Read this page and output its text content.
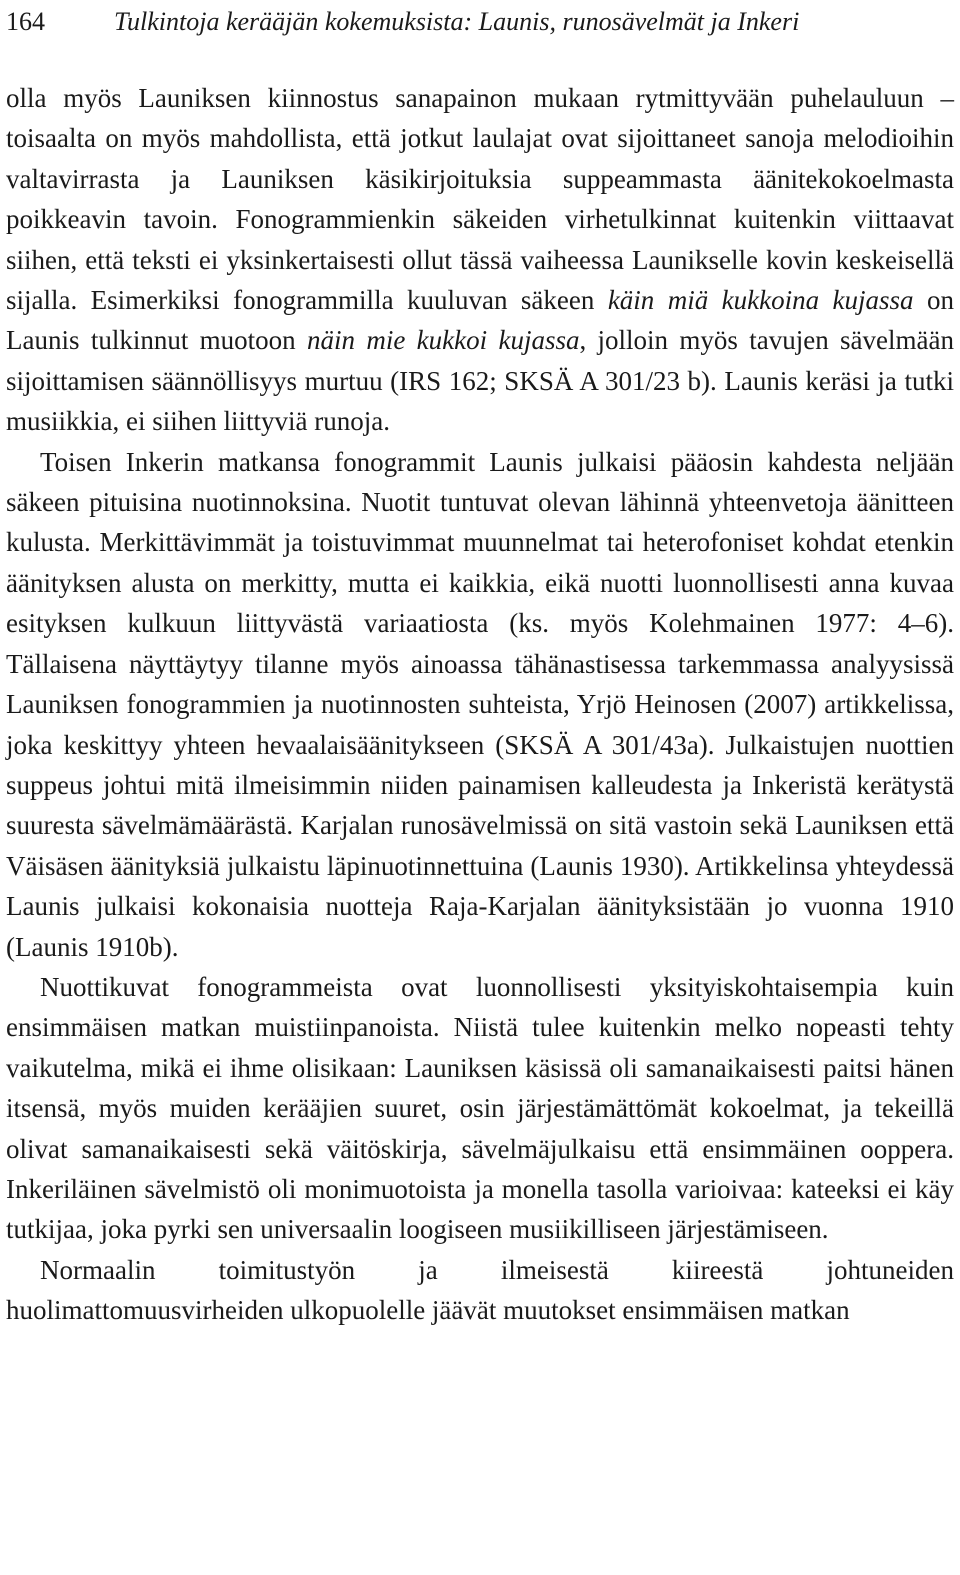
164	Tulkintoja kerääjän kokemuksista: Launis, runosävelmät ja Inkeri

olla myös Launiksen kiinnostus sanapainon mukaan rytmittyvään puhelauluun – toisaalta on myös mahdollista, että jotkut laulajat ovat sijoittaneet sanoja melodioihin valtavirrasta ja Launiksen käsikirjoituksia suppeammasta äänitekokoelmasta poikkeavin tavoin. Fonogrammienkin säkeiden virhetulkinnat kuitenkin viittaavat siihen, että teksti ei yksinkertaisesti ollut tässä vaiheessa Launikselle kovin keskeisellä sijalla. Esimerkiksi fonogrammilla kuuluvan säkeen käin miä kukkoina kujassa on Launis tulkinnut muotoon näin mie kukkoi kujassa, jolloin myös tavujen sävelmään sijoittamisen säännöllisyys murtuu (IRS 162; SKSÄ A 301/23 b). Launis keräsi ja tutki musiikkia, ei siihen liittyviä runoja.

Toisen Inkerin matkansa fonogrammit Launis julkaisi pääosin kahdesta neljään säkeen pituisina nuotinnoksina. Nuotit tuntuvat olevan lähinnä yhteenvetoja äänitteen kulusta. Merkittävimmät ja toistuvimmat muunnelmat tai heterofoniset kohdat etenkin äänityksen alusta on merkitty, mutta ei kaikkia, eikä nuotti luonnollisesti anna kuvaa esityksen kulkuun liittyvästä variaatiosta (ks. myös Kolehmainen 1977: 4–6). Tällaisena näyttäytyy tilanne myös ainoassa tähänastisessa tarkemmassa analyysissä Launiksen fonogrammien ja nuotinnosten suhteista, Yrjö Heinosen (2007) artikkelissa, joka keskittyy yhteen hevaalaisäänitykseen (SKSÄ A 301/43a). Julkaistujen nuottien suppeus johtui mitä ilmeisimmin niiden painamisen kalleudesta ja Inkeristä kerätystä suuresta sävelmämäärästä. Karjalan runosävelmissä on sitä vastoin sekä Launiksen että Väisäsen äänityksiä julkaistu läpinuotinnettuina (Launis 1930). Artikkelinsa yhteydessä Launis julkaisi kokonaisia nuotteja Raja-Karjalan äänityksistään jo vuonna 1910 (Launis 1910b).

Nuottikuvat fonogrammeista ovat luonnollisesti yksityiskohtaisempia kuin ensimmäisen matkan muistiinpanoista. Niistä tulee kuitenkin melko nopeasti tehty vaikutelma, mikä ei ihme olisikaan: Launiksen käsissä oli samanaikaisesti paitsi hänen itsensä, myös muiden kerääjien suuret, osin järjestämättömät kokoelmat, ja tekeillä olivat samanaikaisesti sekä väitöskirja, sävelmäjulkaisu että ensimmäinen ooppera. Inkeriläinen sävelmistö oli monimuotoista ja monella tasolla varioivaa: kateeksi ei käy tutkijaa, joka pyrki sen universaalin loogiseen musiikilliseen järjestämiseen.

Normaalin toimitustyön ja ilmeisestä kiireestä johtuneiden huolimattomuusvirheiden ulkopuolelle jäävät muutokset ensimmäisen matkan
